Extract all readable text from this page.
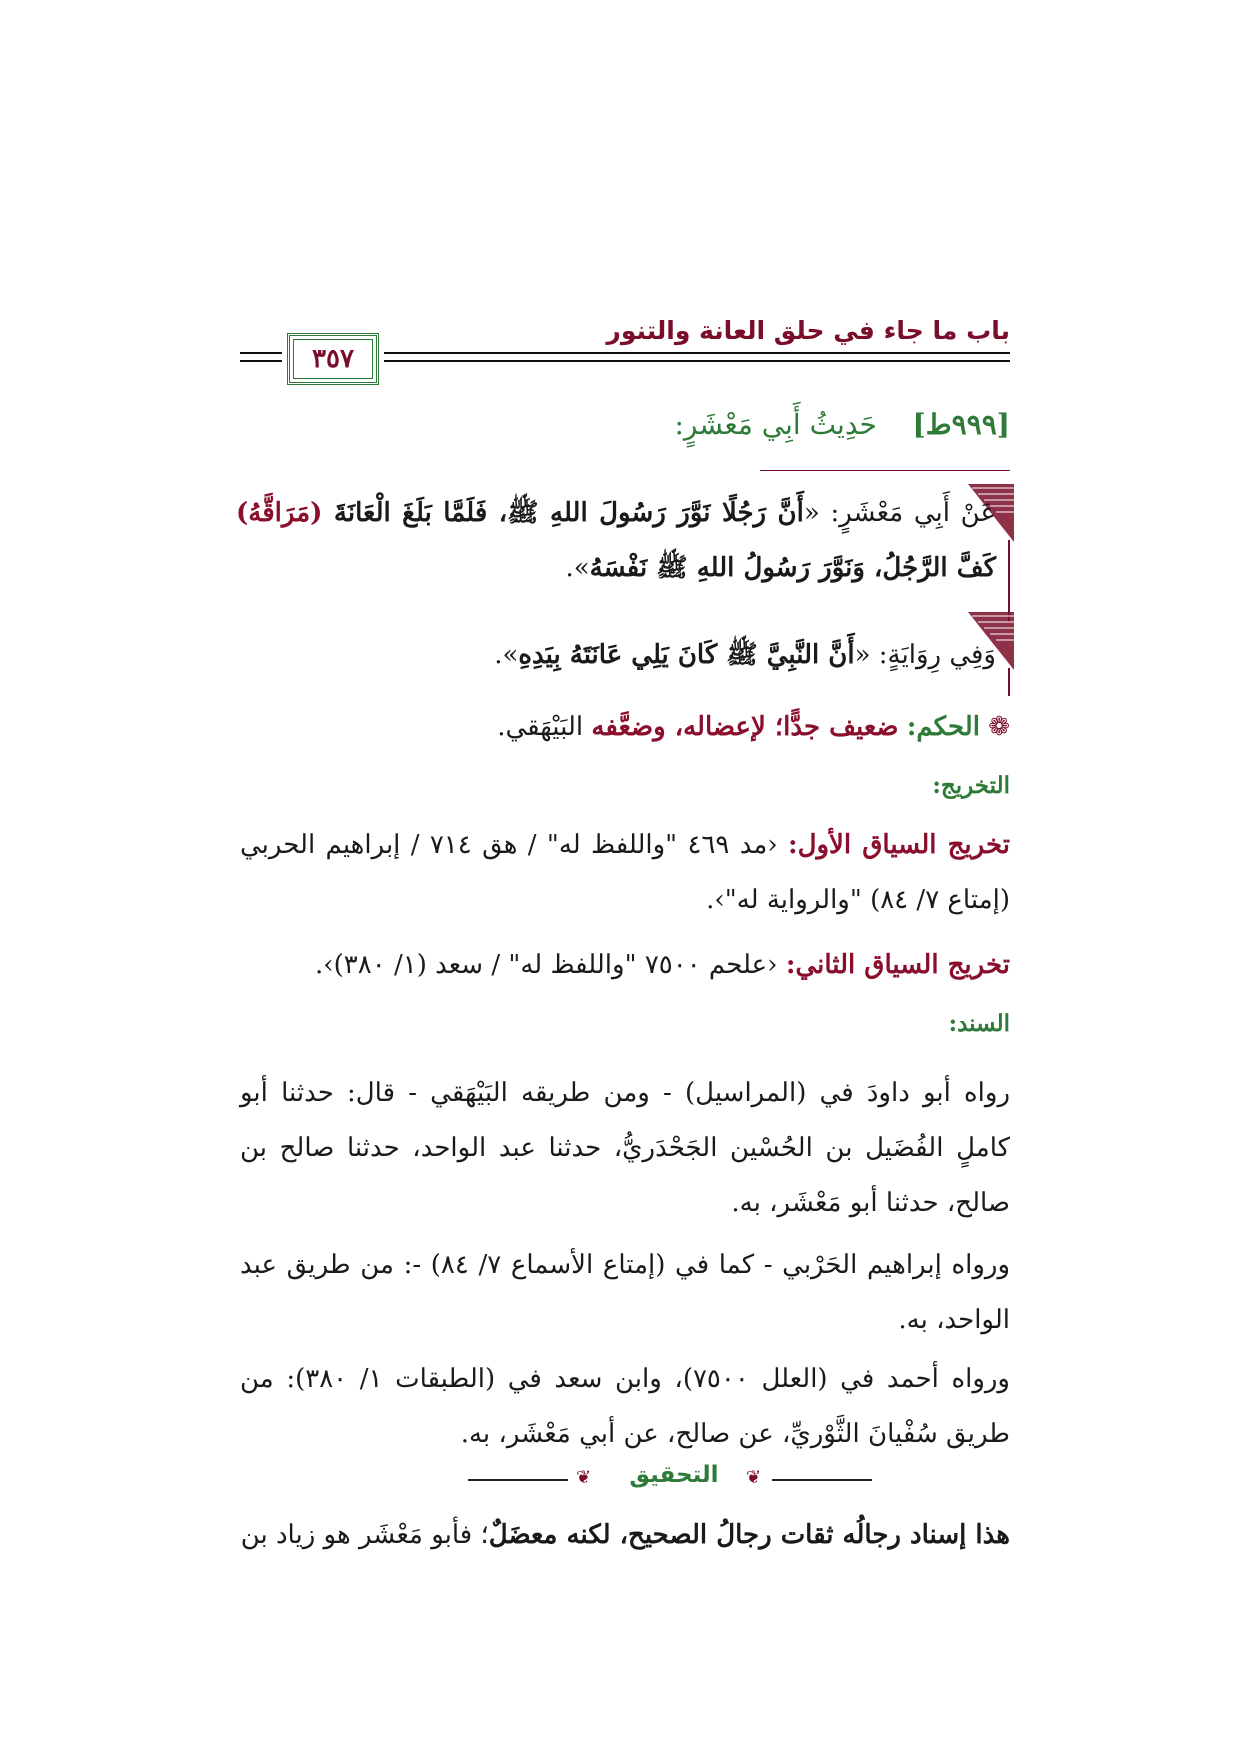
باب ما جاء في حلق العانة والتنور
٣٥٧
[٩٩٩ط]    حَدِيثُ أَبِي مَعْشَرٍ:
عَنْ أَبِي مَعْشَرٍ: «أَنَّ رَجُلًا نَوَّرَ رَسُولَ اللهِ ﷺ، فَلَمَّا بَلَغَ الْعَانَةَ (مَرَاقَّهُ) كَفَّ الرَّجُلُ، وَنَوَّرَ رَسُولُ اللهِ ﷺ نَفْسَهُ».
وَفِي رِوَايَةٍ: «أَنَّ النَّبِيَّ ﷺ كَانَ يَلِي عَانَتَهُ بِيَدِهِ».
❁ الحكم: ضعيف جدًّا؛ لإعضاله، وضعَّفه البَيْهَقي.
التخريج:
تخريج السياق الأول: ‎‹مد ٤٦٩ "واللفظ له" / هق ٧١٤ / إبراهيم الحربي (إمتاع ٧/ ٨٤) "والرواية له"›.
تخريج السياق الثاني: ‎‹علحم ٧٥٠٠ "واللفظ له" / سعد (١/ ٣٨٠)›.
السند:
رواه أبو داودَ في (المراسيل) - ومن طريقه البَيْهَقي - قال: حدثنا أبو كاملٍ الفُضَيل بن الحُسْين الجَحْدَريُّ، حدثنا عبد الواحد، حدثنا صالح بن صالح، حدثنا أبو مَعْشَر، به.
ورواه إبراهيم الحَرْبي - كما في (إمتاع الأسماع ٧/ ٨٤) -: من طريق عبد الواحد، به.
ورواه أحمد في (العلل ٧٥٠٠)، وابن سعد في (الطبقات ١/ ٣٨٠): من طريق سُفْيانَ الثَّوْريِّ، عن صالح، عن أبي مَعْشَر، به.
❦	❦
التحقيق
هذا إسناد رجالُه ثقات رجالُ الصحيح، لكنه معضَلٌ؛ فأبو مَعْشَر هو زياد بن
